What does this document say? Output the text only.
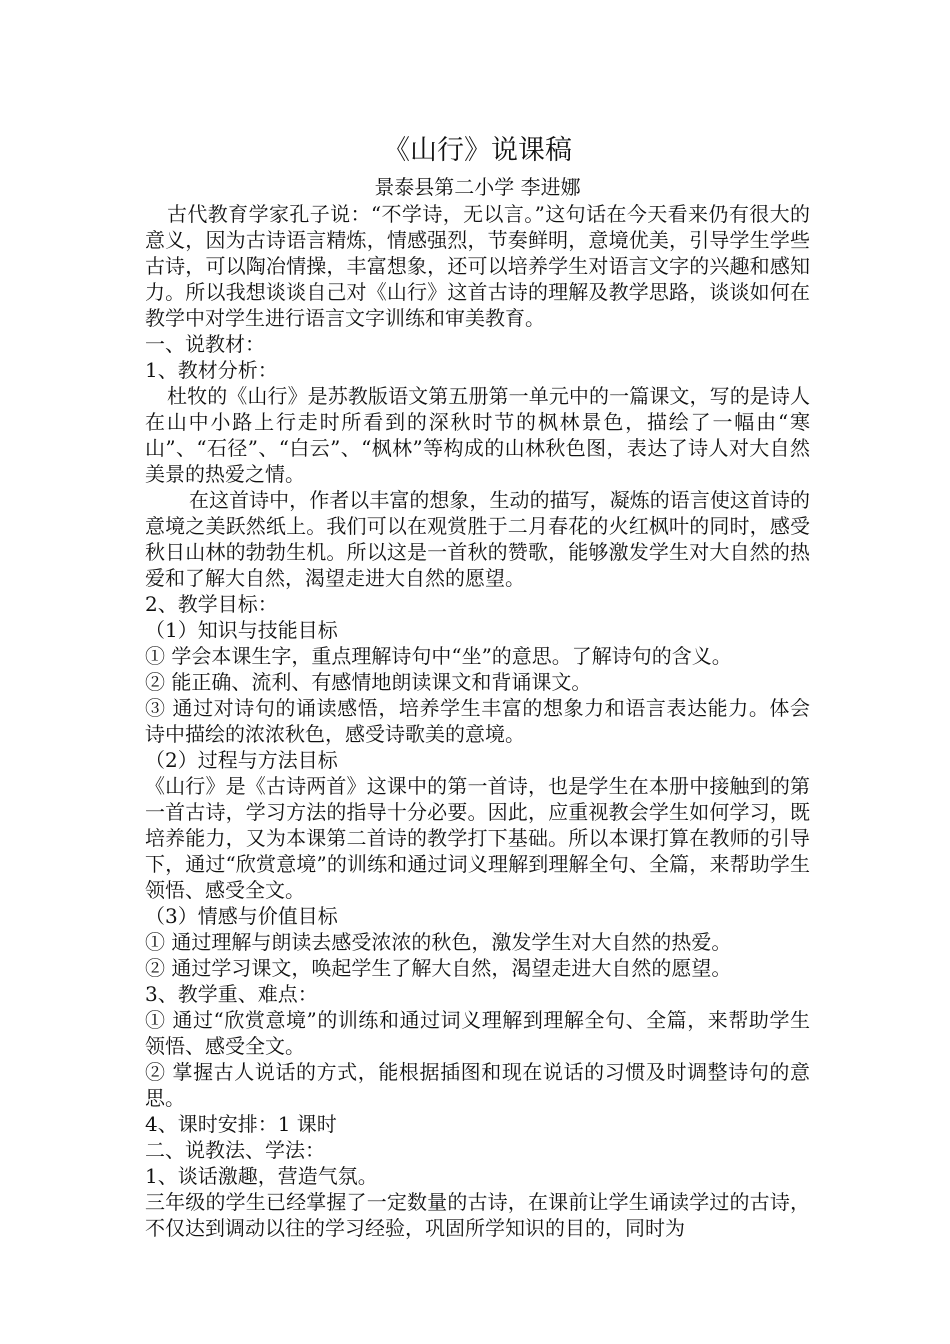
《山行》说课稿

景泰县第二小学 李进娜

古代教育学家孔子说：“不学诗，无以言。”这句话在今天看来仍有很大的意义，因为古诗语言精炼，情感强烈，节奏鲜明，意境优美，引导学生学些古诗，可以陶冶情操，丰富想象，还可以培养学生对语言文字的兴趣和感知力。所以我想谈谈自己对《山行》这首古诗的理解及教学思路，谈谈如何在教学中对学生进行语言文字训练和审美教育。

一、说教材：

1、教材分析：

杜牧的《山行》是苏教版语文第五册第一单元中的一篇课文，写的是诗人在山中小路上行走时所看到的深秋时节的枫林景色，描绘了一幅由“寒山”、“石径”、“白云”、“枫林”等构成的山林秋色图，表达了诗人对大自然美景的热爱之情。

在这首诗中，作者以丰富的想象，生动的描写，凝炼的语言使这首诗的意境之美跃然纸上。我们可以在观赏胜于二月春花的火红枫叶的同时，感受秋日山林的勃勃生机。所以这是一首秋的赞歌，能够激发学生对大自然的热爱和了解大自然，渴望走进大自然的愿望。

2、教学目标：

（1）知识与技能目标

① 学会本课生字，重点理解诗句中“坐”的意思。了解诗句的含义。

② 能正确、流利、有感情地朗读课文和背诵课文。

③ 通过对诗句的诵读感悟，培养学生丰富的想象力和语言表达能力。体会诗中描绘的浓浓秋色，感受诗歌美的意境。

（2）过程与方法目标

《山行》是《古诗两首》这课中的第一首诗，也是学生在本册中接触到的第一首古诗，学习方法的指导十分必要。因此，应重视教会学生如何学习，既培养能力，又为本课第二首诗的教学打下基础。所以本课打算在教师的引导下，通过“欣赏意境”的训练和通过词义理解到理解全句、全篇，来帮助学生领悟、感受全文。

（3）情感与价值目标

① 通过理解与朗读去感受浓浓的秋色，激发学生对大自然的热爱。

② 通过学习课文，唤起学生了解大自然，渴望走进大自然的愿望。

3、教学重、难点：

① 通过“欣赏意境”的训练和通过词义理解到理解全句、全篇，来帮助学生领悟、感受全文。

② 掌握古人说话的方式，能根据插图和现在说话的习惯及时调整诗句的意思。

4、课时安排：1 课时

二、说教法、学法：

1、谈话激趣，营造气氛。

三年级的学生已经掌握了一定数量的古诗，在课前让学生诵读学过的古诗，不仅达到调动以往的学习经验，巩固所学知识的目的，同时为
